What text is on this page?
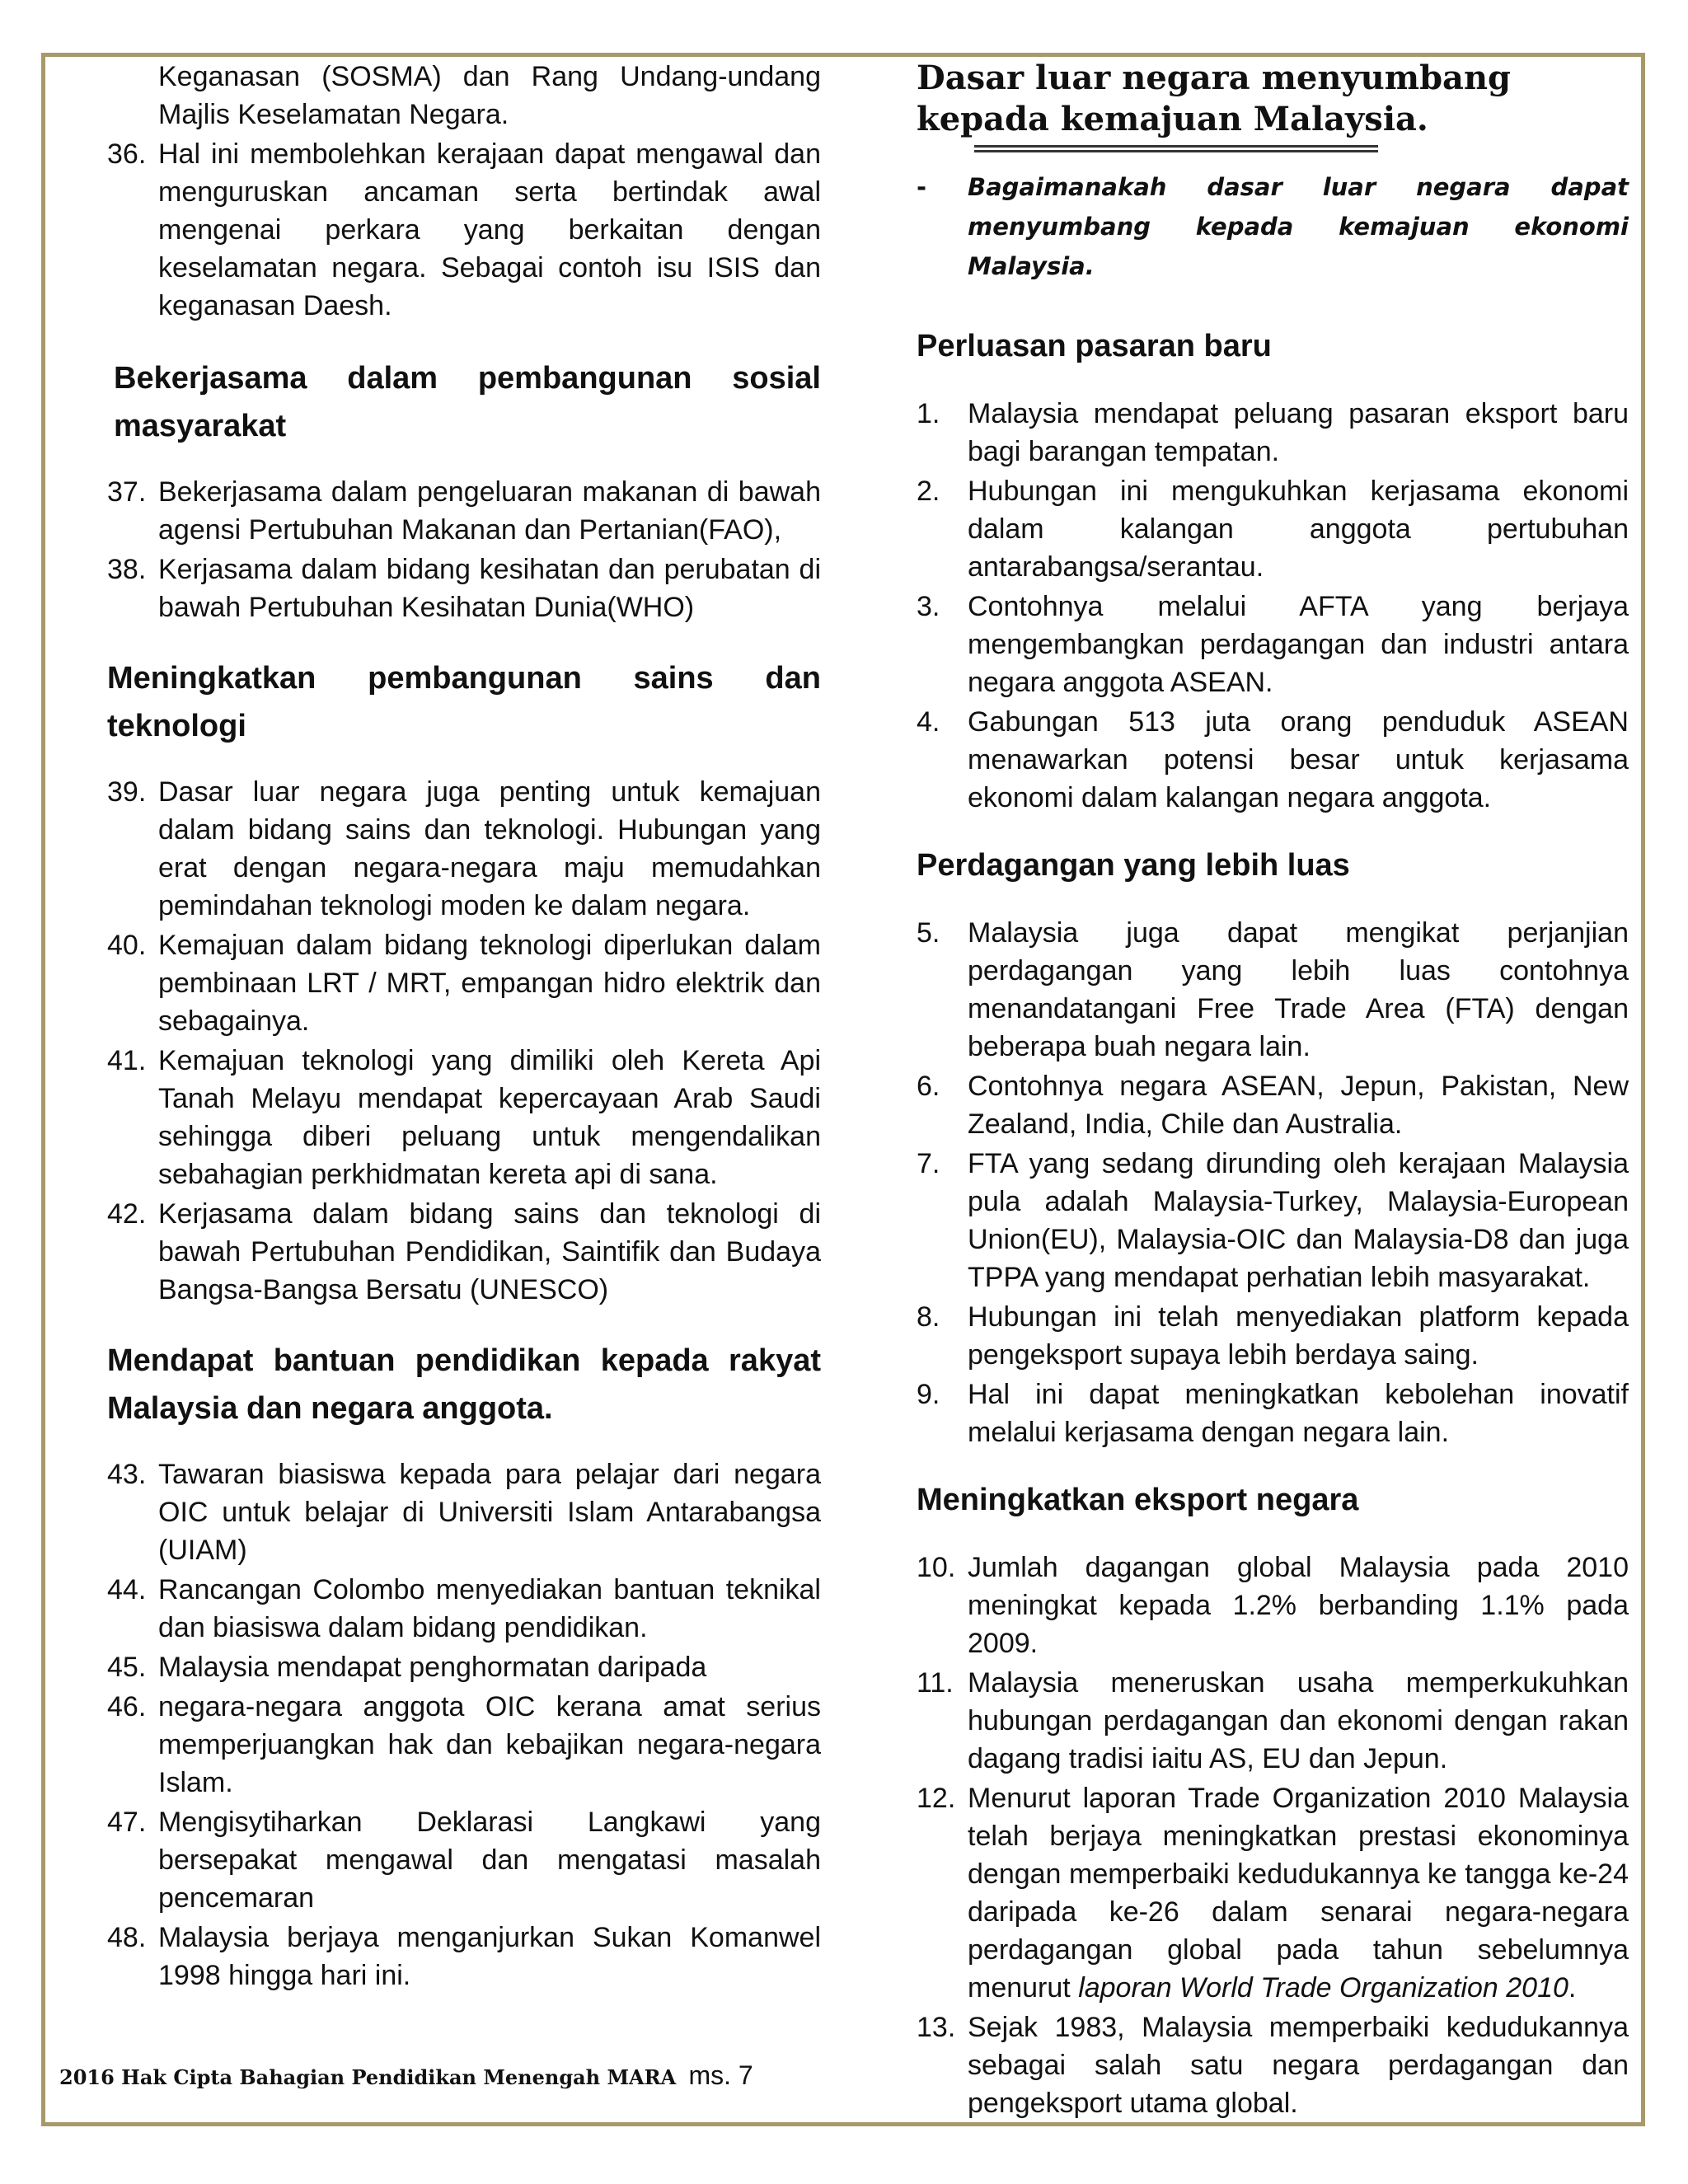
Keganasan (SOSMA) dan Rang Undang-undang Majlis Keselamatan Negara.
36. Hal ini membolehkan kerajaan dapat mengawal dan menguruskan ancaman serta bertindak awal mengenai perkara yang berkaitan dengan keselamatan negara. Sebagai contoh isu ISIS dan keganasan Daesh.
Bekerjasama dalam pembangunan sosial masyarakat
37. Bekerjasama dalam pengeluaran makanan di bawah agensi Pertubuhan Makanan dan Pertanian(FAO),
38. Kerjasama dalam bidang kesihatan dan perubatan di bawah Pertubuhan Kesihatan Dunia(WHO)
Meningkatkan pembangunan sains dan teknologi
39. Dasar luar negara juga penting untuk kemajuan dalam bidang sains dan teknologi. Hubungan yang erat dengan negara-negara maju memudahkan pemindahan teknologi moden ke dalam negara.
40. Kemajuan dalam bidang teknologi diperlukan dalam pembinaan LRT / MRT, empangan hidro elektrik dan sebagainya.
41. Kemajuan teknologi yang dimiliki oleh Kereta Api Tanah Melayu mendapat kepercayaan Arab Saudi sehingga diberi peluang untuk mengendalikan sebahagian perkhidmatan kereta api di sana.
42. Kerjasama dalam bidang sains dan teknologi di bawah Pertubuhan Pendidikan, Saintifik dan Budaya Bangsa-Bangsa Bersatu (UNESCO)
Mendapat bantuan pendidikan kepada rakyat Malaysia dan negara anggota.
43. Tawaran biasiswa kepada para pelajar dari negara OIC untuk belajar di Universiti Islam Antarabangsa (UIAM)
44. Rancangan Colombo menyediakan bantuan teknikal dan biasiswa dalam bidang pendidikan.
45. Malaysia mendapat penghormatan daripada
46. negara-negara anggota OIC kerana amat serius memperjuangkan hak dan kebajikan negara-negara Islam.
47. Mengisytiharkan Deklarasi Langkawi yang bersepakat mengawal dan mengatasi masalah pencemaran
48. Malaysia berjaya menganjurkan Sukan Komanwel 1998 hingga hari ini.
Dasar luar negara menyumbang kepada kemajuan Malaysia.
- Bagaimanakah dasar luar negara dapat menyumbang kepada kemajuan ekonomi Malaysia.
Perluasan pasaran baru
1. Malaysia mendapat peluang pasaran eksport baru bagi barangan tempatan.
2. Hubungan ini mengukuhkan kerjasama ekonomi dalam kalangan anggota pertubuhan antarabangsa/serantau.
3. Contohnya melalui AFTA yang berjaya mengembangkan perdagangan dan industri antara negara anggota ASEAN.
4. Gabungan 513 juta orang penduduk ASEAN menawarkan potensi besar untuk kerjasama ekonomi dalam kalangan negara anggota.
Perdagangan yang lebih luas
5. Malaysia juga dapat mengikat perjanjian perdagangan yang lebih luas contohnya menandatangani Free Trade Area (FTA) dengan beberapa buah negara lain.
6. Contohnya negara ASEAN, Jepun, Pakistan, New Zealand, India, Chile dan Australia.
7. FTA yang sedang dirunding oleh kerajaan Malaysia pula adalah Malaysia-Turkey, Malaysia-European Union(EU), Malaysia-OIC dan Malaysia-D8 dan juga TPPA yang mendapat perhatian lebih masyarakat.
8. Hubungan ini telah menyediakan platform kepada pengeksport supaya lebih berdaya saing.
9. Hal ini dapat meningkatkan kebolehan inovatif melalui kerjasama dengan negara lain.
Meningkatkan eksport negara
10. Jumlah dagangan global Malaysia pada 2010 meningkat kepada 1.2% berbanding 1.1% pada 2009.
11. Malaysia meneruskan usaha memperkukuhkan hubungan perdagangan dan ekonomi dengan rakan dagang tradisi iaitu AS, EU dan Jepun.
12. Menurut laporan Trade Organization 2010 Malaysia telah berjaya meningkatkan prestasi ekonominya dengan memperbaiki kedudukannya ke tangga ke-24 daripada ke-26 dalam senarai negara-negara perdagangan global pada tahun sebelumnya menurut laporan World Trade Organization 2010.
13. Sejak 1983, Malaysia memperbaiki kedudukannya sebagai salah satu negara perdagangan dan pengeksport utama global.
2016 Hak Cipta Bahagian Pendidikan Menengah MARA ms. 7
